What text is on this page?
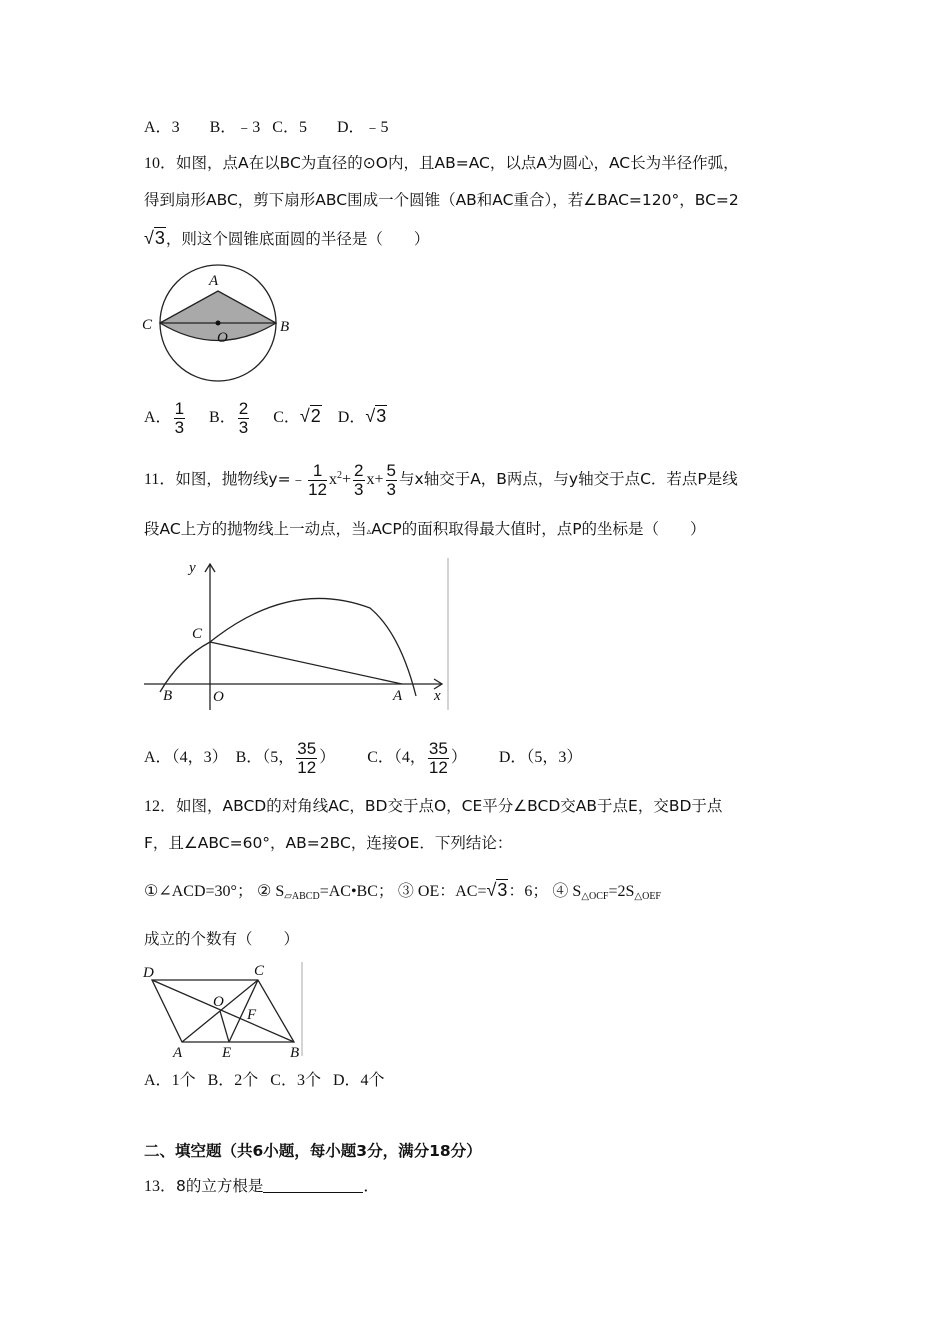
A．3 B．﹣3 C．5 D．﹣5
10．如图，点A在以BC为直径的⊙O内，且AB=AC，以点A为圆心，AC长为半径作弧，
得到扇形ABC，剪下扇形ABC围成一个圆锥（AB和AC重合），若∠BAC=120°，BC=2
√3，则这个圆锥底面圆的半径是（　　）
A
C	B
O
A． $\frac{1}{3}$ B． $\frac{2}{3}$ C．√2 D．√3
11．如图，抛物线y=﹣ $\frac{1}{12} x^2+ \frac{2}{3} x+ \frac{5}{3}$ 与x轴交于A，B两点，与y轴交于点C．若点P是线
段AC上方的抛物线上一动点，当▵ACP的面积取得最大值时，点P的坐标是（　　）
y
x
C
B	O	A
A．（4，3） B．（5， $\frac{35}{12}$ ） C．（4， $\frac{35}{12}$ ） D．（5，3）
12．如图，ABCD的对角线AC，BD交于点O，CE平分∠BCD交AB于点E，交BD于点
F，且∠ABC=60°，AB=2BC，连接OE．下列结论：
①∠ACD=30°； ② $S_{▱ABCD}=AC•BC$； ③ OE：AC=√3：6； ④ $S_{\triangle OCF}=2S_{\triangle OEF}$
成立的个数有（　　）
D	C
O
F
A	E	B
A．1个 B．2个 C．3个 D．4个
二、填空题（共6小题，每小题3分，满分18分）
13．8的立方根是	．
